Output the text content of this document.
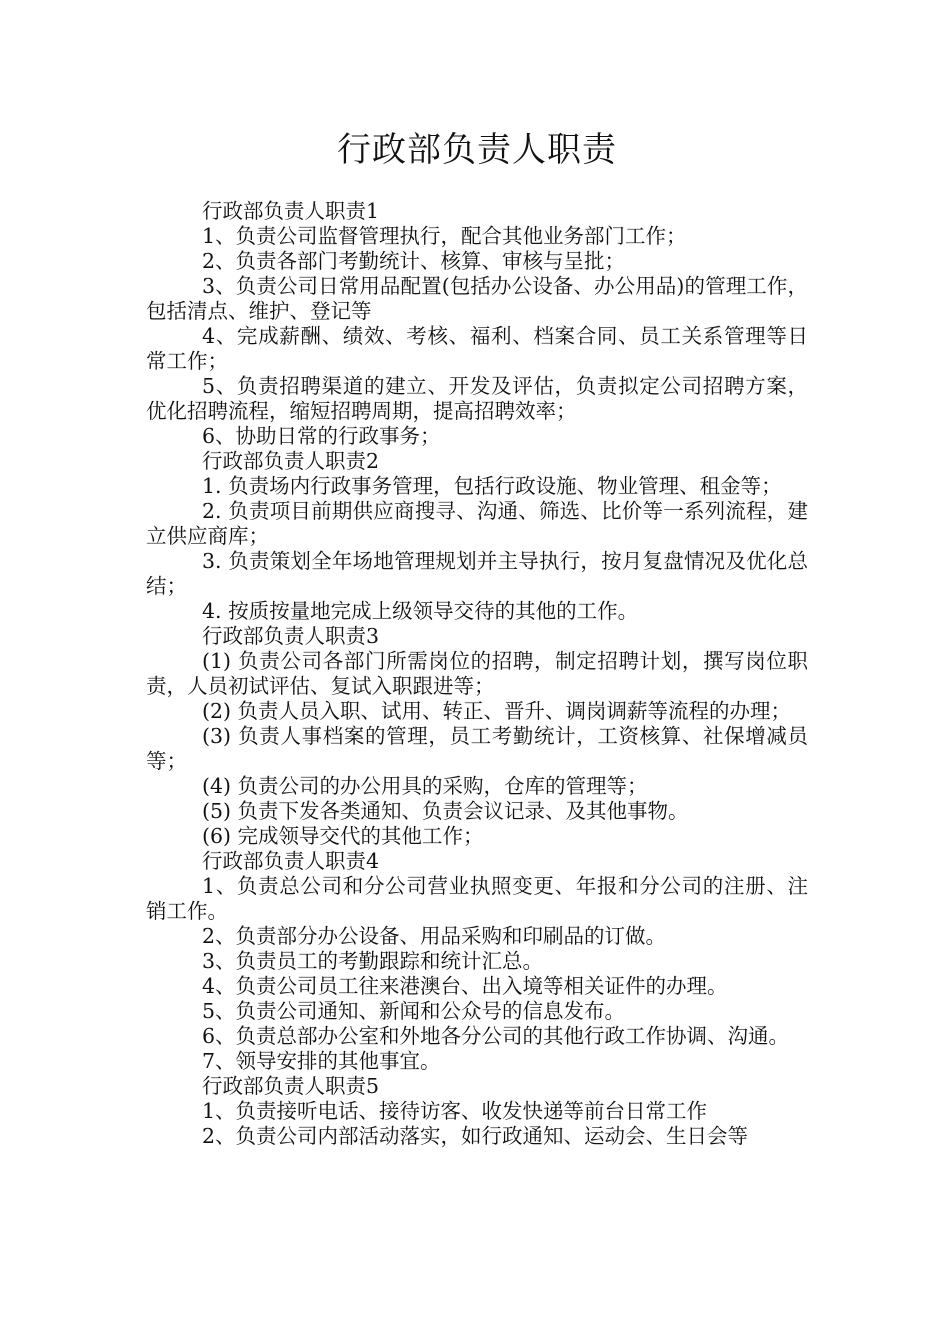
行政部负责人职责

行政部负责人职责1

1、负责公司监督管理执行，配合其他业务部门工作；

2、负责各部门考勤统计、核算、审核与呈批；

3、负责公司日常用品配置(包括办公设备、办公用品)的管理工作，包括清点、维护、登记等

4、完成薪酬、绩效、考核、福利、档案合同、员工关系管理等日常工作；

5、负责招聘渠道的建立、开发及评估，负责拟定公司招聘方案，优化招聘流程，缩短招聘周期，提高招聘效率；

6、协助日常的行政事务；

行政部负责人职责2

1. 负责场内行政事务管理，包括行政设施、物业管理、租金等；

2. 负责项目前期供应商搜寻、沟通、筛选、比价等一系列流程，建立供应商库；

3. 负责策划全年场地管理规划并主导执行，按月复盘情况及优化总结；

4. 按质按量地完成上级领导交待的其他的工作。

行政部负责人职责3

(1) 负责公司各部门所需岗位的招聘，制定招聘计划，撰写岗位职责，人员初试评估、复试入职跟进等；

(2) 负责人员入职、试用、转正、晋升、调岗调薪等流程的办理；

(3) 负责人事档案的管理，员工考勤统计，工资核算、社保增减员等；

(4) 负责公司的办公用具的采购，仓库的管理等；

(5) 负责下发各类通知、负责会议记录、及其他事物。

(6) 完成领导交代的其他工作；

行政部负责人职责4

1、负责总公司和分公司营业执照变更、年报和分公司的注册、注销工作。

2、负责部分办公设备、用品采购和印刷品的订做。

3、负责员工的考勤跟踪和统计汇总。

4、负责公司员工往来港澳台、出入境等相关证件的办理。

5、负责公司通知、新闻和公众号的信息发布。

6、负责总部办公室和外地各分公司的其他行政工作协调、沟通。

7、领导安排的其他事宜。

行政部负责人职责5

1、负责接听电话、接待访客、收发快递等前台日常工作

2、负责公司内部活动落实，如行政通知、运动会、生日会等
